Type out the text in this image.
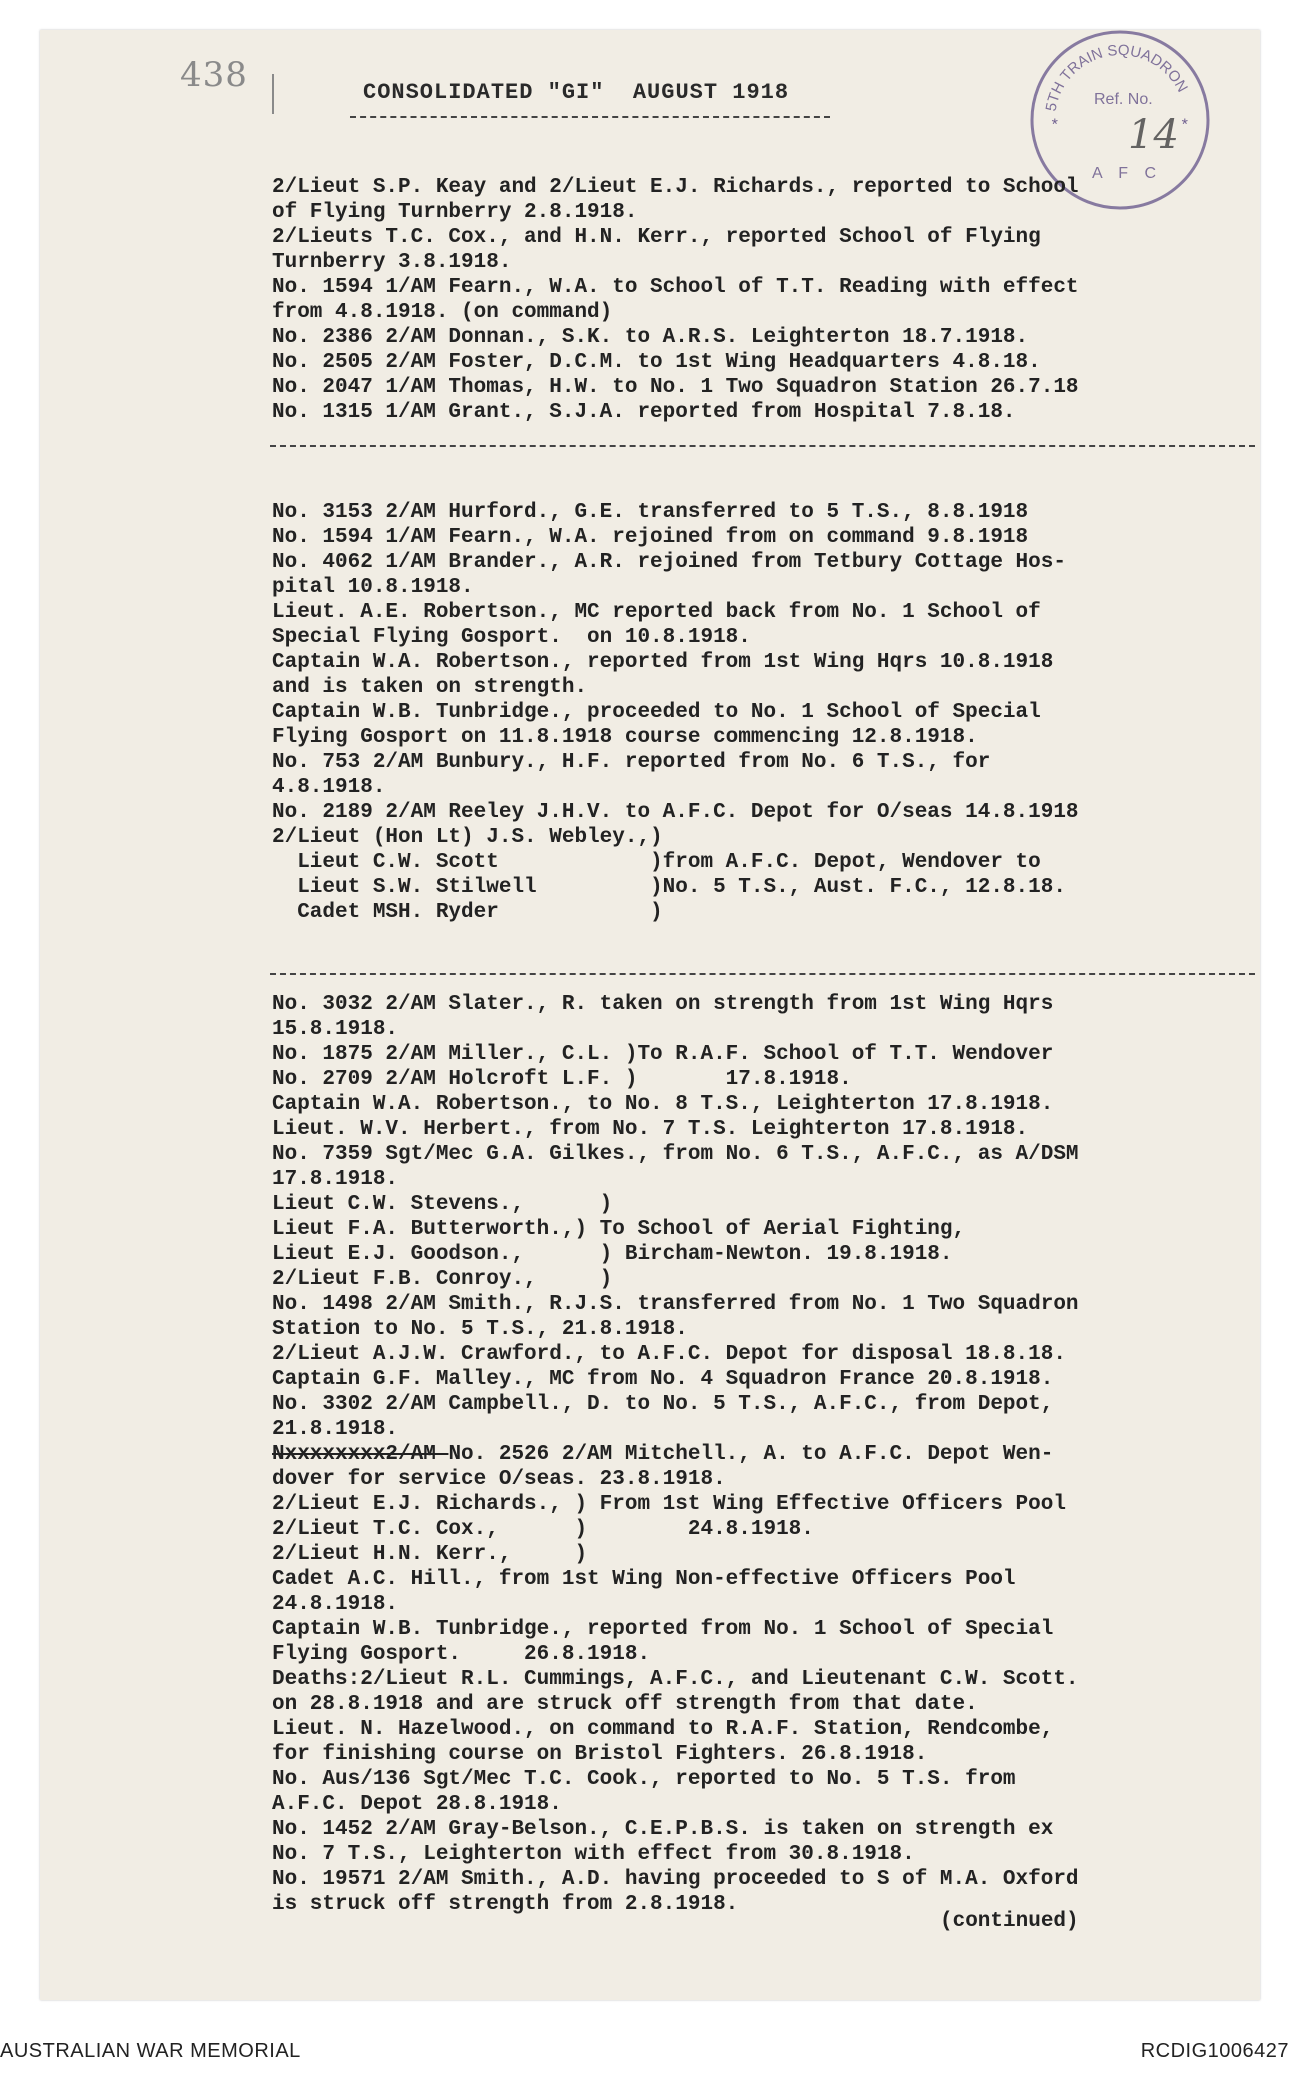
438	CONSOLIDATED "GI"  AUGUST 1918
5TH TRAIN SQUADRON
Ref. No.
14
A F C
*	*
2/Lieut S.P. Keay and 2/Lieut E.J. Richards., reported to School
of Flying Turnberry 2.8.1918.
2/Lieuts T.C. Cox., and H.N. Kerr., reported School of Flying
Turnberry 3.8.1918.
No. 1594 1/AM Fearn., W.A. to School of T.T. Reading with effect
from 4.8.1918. (on command)
No. 2386 2/AM Donnan., S.K. to A.R.S. Leighterton 18.7.1918.
No. 2505 2/AM Foster, D.C.M. to 1st Wing Headquarters 4.8.18.
No. 2047 1/AM Thomas, H.W. to No. 1 Two Squadron Station 26.7.18
No. 1315 1/AM Grant., S.J.A. reported from Hospital 7.8.18.
No. 3153 2/AM Hurford., G.E. transferred to 5 T.S., 8.8.1918
No. 1594 1/AM Fearn., W.A. rejoined from on command 9.8.1918
No. 4062 1/AM Brander., A.R. rejoined from Tetbury Cottage Hos-
pital 10.8.1918.
Lieut. A.E. Robertson., MC reported back from No. 1 School of
Special Flying Gosport.  on 10.8.1918.
Captain W.A. Robertson., reported from 1st Wing Hqrs 10.8.1918
and is taken on strength.
Captain W.B. Tunbridge., proceeded to No. 1 School of Special
Flying Gosport on 11.8.1918 course commencing 12.8.1918.
No. 753 2/AM Bunbury., H.F. reported from No. 6 T.S., for
4.8.1918.
No. 2189 2/AM Reeley J.H.V. to A.F.C. Depot for O/seas 14.8.1918
2/Lieut (Hon Lt) J.S. Webley.,)
Lieut C.W. Scott            )from A.F.C. Depot, Wendover to
Lieut S.W. Stilwell         )No. 5 T.S., Aust. F.C., 12.8.18.
Cadet MSH. Ryder            )
No. 3032 2/AM Slater., R. taken on strength from 1st Wing Hqrs
15.8.1918.
No. 1875 2/AM Miller., C.L. )To R.A.F. School of T.T. Wendover
No. 2709 2/AM Holcroft L.F. )       17.8.1918.
Captain W.A. Robertson., to No. 8 T.S., Leighterton 17.8.1918.
Lieut. W.V. Herbert., from No. 7 T.S. Leighterton 17.8.1918.
No. 7359 Sgt/Mec G.A. Gilkes., from No. 6 T.S., A.F.C., as A/DSM
17.8.1918.
Lieut C.W. Stevens.,      )
Lieut F.A. Butterworth.,) To School of Aerial Fighting,
Lieut E.J. Goodson.,      ) Bircham-Newton. 19.8.1918.
2/Lieut F.B. Conroy.,     )
No. 1498 2/AM Smith., R.J.S. transferred from No. 1 Two Squadron
Station to No. 5 T.S., 21.8.1918.
2/Lieut A.J.W. Crawford., to A.F.C. Depot for disposal 18.8.18.
Captain G.F. Malley., MC from No. 4 Squadron France 20.8.1918.
No. 3302 2/AM Campbell., D. to No. 5 T.S., A.F.C., from Depot,
21.8.1918.
Nxxxxxxxx2/AM No. 2526 2/AM Mitchell., A. to A.F.C. Depot Wen-
dover for service O/seas. 23.8.1918.
2/Lieut E.J. Richards., ) From 1st Wing Effective Officers Pool
2/Lieut T.C. Cox.,      )        24.8.1918.
2/Lieut H.N. Kerr.,     )
Cadet A.C. Hill., from 1st Wing Non-effective Officers Pool
24.8.1918.
Captain W.B. Tunbridge., reported from No. 1 School of Special
Flying Gosport.     26.8.1918.
Deaths:2/Lieut R.L. Cummings, A.F.C., and Lieutenant C.W. Scott.
on 28.8.1918 and are struck off strength from that date.
Lieut. N. Hazelwood., on command to R.A.F. Station, Rendcombe,
for finishing course on Bristol Fighters. 26.8.1918.
No. Aus/136 Sgt/Mec T.C. Cook., reported to No. 5 T.S. from
A.F.C. Depot 28.8.1918.
No. 1452 2/AM Gray-Belson., C.E.P.B.S. is taken on strength ex
No. 7 T.S., Leighterton with effect from 30.8.1918.
No. 19571 2/AM Smith., A.D. having proceeded to S of M.A. Oxford
is struck off strength from 2.8.1918.
(continued)
AUSTRALIAN WAR MEMORIAL	RCDIG1006427
